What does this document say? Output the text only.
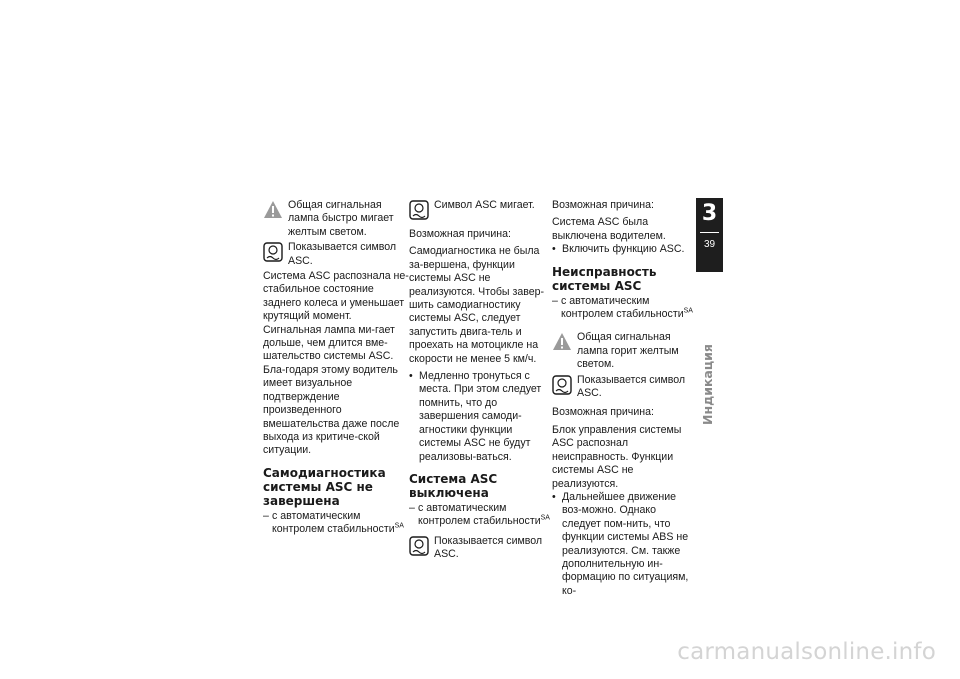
Общая сигнальная лампа быстро мигает желтым светом.
Показывается символ ASC.

Система ASC распознала не-стабильное состояние заднего колеса и уменьшает крутящий момент. Сигнальная лампа ми-гает дольше, чем длится вме-шательство системы ASC. Бла-годаря этому водитель имеет визуальное подтверждение произведенного вмешательства даже после выхода из критиче-ской ситуации.

Самодиагностика системы ASC не завершена
– с автоматическим контролем стабильности$^{SA}$
Символ ASC мигает.

Возможная причина:

Самодиагностика не была за-вершена, функции системы ASC не реализуются. Чтобы завер-шить самодиагностику системы ASC, следует запустить двига-тель и проехать на мотоцикле на скорости не менее 5 км/ч.

• Медленно тронуться с места. При этом следует помнить, что до завершения самоди-агностики функции системы ASC не будут реализовы-ваться.
Система ASC выключена
– с автоматическим контролем стабильности$^{SA}$
Показывается символ ASC.

Возможная причина:

Система ASC была выключена водителем.

• Включить функцию ASC.
Неисправность системы ASC
– с автоматическим контролем стабильности$^{SA}$
Общая сигнальная лампа горит желтым светом.
Показывается символ ASC.

Возможная причина:

Блок управления системы ASC распознал неисправность. Функции системы ASC не реализуются.

• Дальнейшее движение воз-можно. Однако следует пом-нить, что функции системы ABS не реализуются. См. также дополнительную ин-формацию по ситуациям, ко-
3
39
Индикация
carmanualsonline.info
